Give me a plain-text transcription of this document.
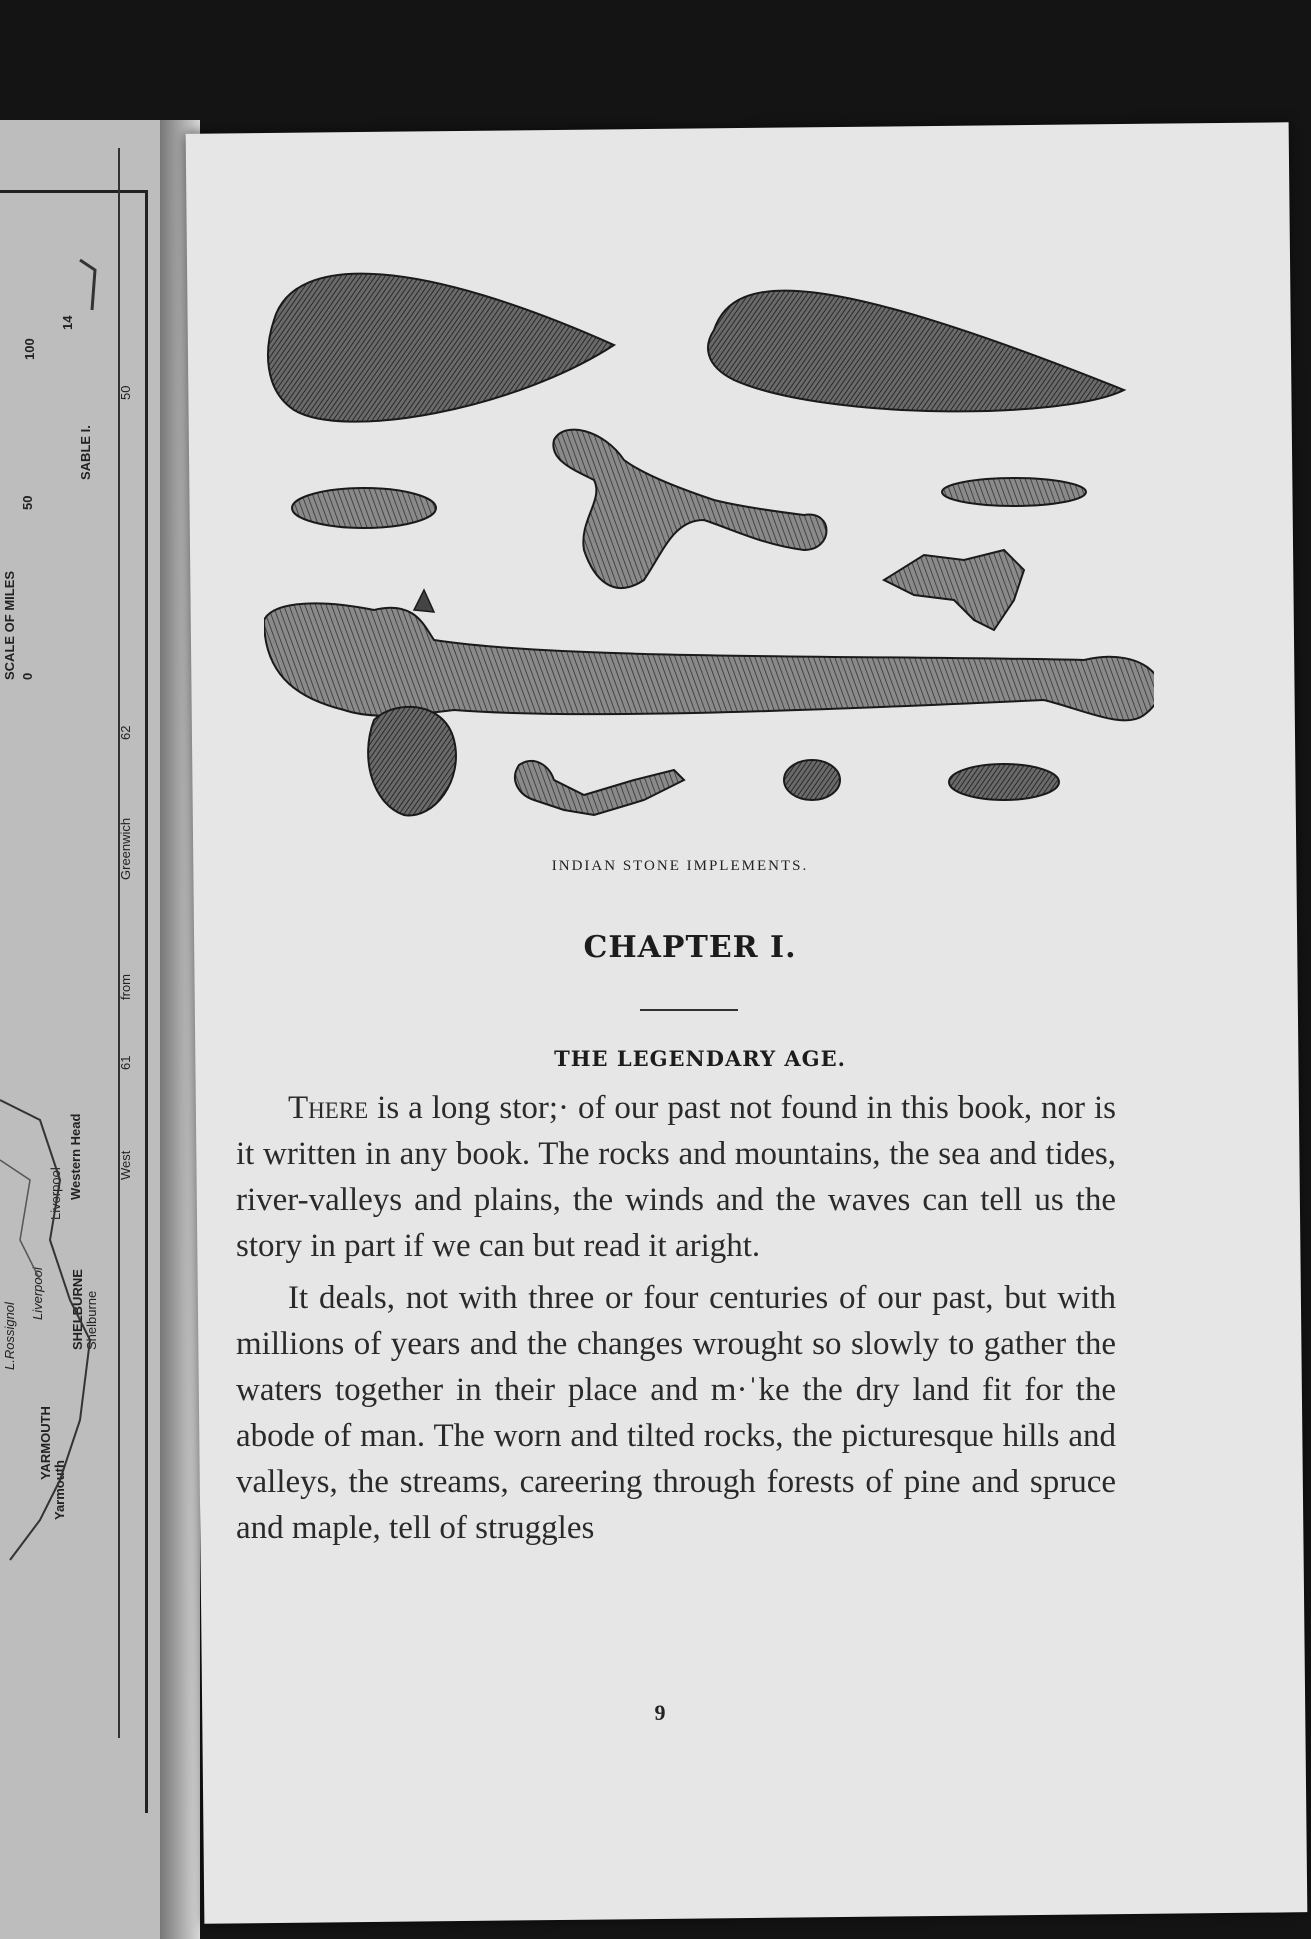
SCALE OF MILES 0
50
100
14
SABLE I.
50
Greenwich
62
from
61
West
Western Head
Liverpool
Liverpool SHELBURNE Shelburne
L.Rossignol
YARMOUTH
Yarmouth
INDIAN STONE IMPLEMENTS.
CHAPTER I.
THE LEGENDARY AGE.

There is a long stor;· of our past not found in this book, nor is it written in any book. The rocks and mountains, the sea and tides, river-valleys and plains, the winds and the waves can tell us the story in part if we can but read it aright.

It deals, not with three or four centuries of our past, but with millions of years and the changes wrought so slowly to gather the waters together in their place and m·ˈke the dry land fit for the abode of man. The worn and tilted rocks, the picturesque hills and valleys, the streams, careering through forests of pine and spruce and maple, tell of struggles

9
